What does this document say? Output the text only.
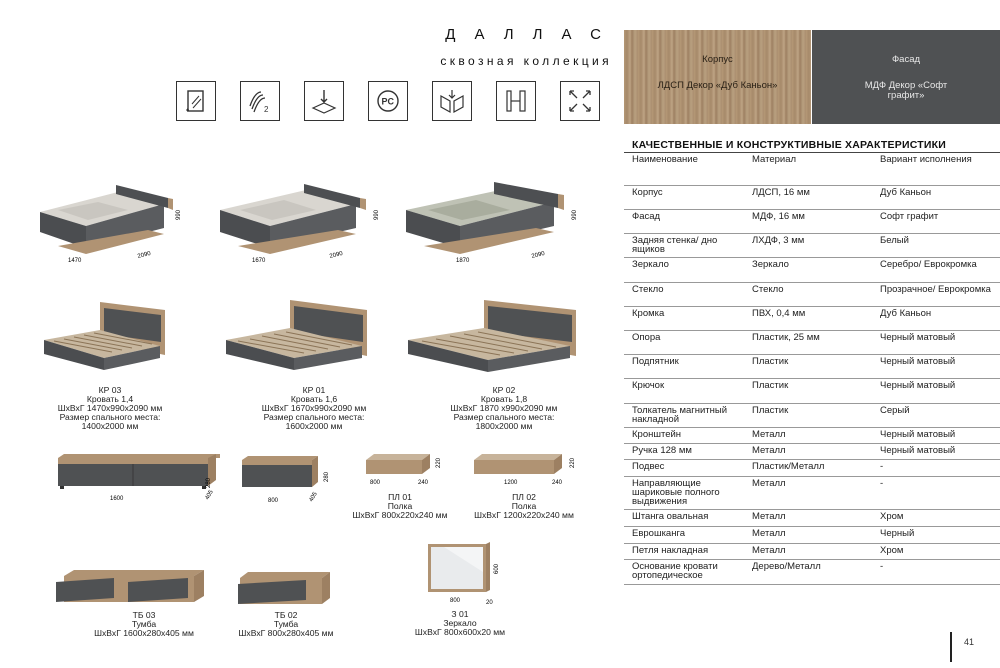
ДАЛЛАС
сквозная коллекция
2
PC
Корпус
ЛДСП Декор «Дуб Каньон»
Фасад
МДФ Декор «Софт графит»
КАЧЕСТВЕННЫЕ И КОНСТРУКТИВНЫЕ ХАРАКТЕРИСТИКИ
Наименование	Материал	Вариант исполнения
Корпус	ЛДСП, 16 мм	Дуб Каньон
Фасад	МДФ, 16 мм	Софт графит
Задняя стенка/ дно ящиков	ЛХДФ, 3 мм	Белый
Зеркало	Зеркало	Серебро/ Еврокромка
Стекло	Стекло	Прозрачное/ Еврокромка
Кромка	ПВХ, 0,4 мм	Дуб Каньон
Опора	Пластик, 25 мм	Черный матовый
Подпятник	Пластик	Черный матовый
Крючок	Пластик	Черный матовый
Толкатель магнитный накладной	Пластик	Серый
Кронштейн	Металл	Черный матовый
Ручка 128 мм	Металл	Черный матовый
Подвес	Пластик/Металл	-
Направляющие шариковые полного выдвижения	Металл	-
Штанга овальная	Металл	Хром
Еврошканга	Металл	Черный
Петля накладная	Металл	Хром
Основание кровати ортопедическое	Дерево/Металл	-
1470
2090
990
1670
2090
990
1870
2090
990
КР 03
Кровать 1,4
ШхВхГ 1470х990х2090 мм
Размер спального места:
1400х2000 мм
КР 01
Кровать 1,6
ШхВхГ 1670х990х2090 мм
Размер спального места:
1600х2000 мм
КР 02
Кровать 1,8
ШхВхГ 1870 х990х2090 мм
Размер спального места:
1800х2000 мм
1600	405
280
800	405
280
800	240
220
1200	240
220
ПЛ 01
Полка
ШхВхГ 800х220х240 мм
ПЛ 02
Полка
ШхВхГ 1200х220х240 мм
ТБ 03
Тумба
ШхВхГ 1600х280х405 мм
ТБ 02
Тумба
ШхВхГ 800х280х405 мм
800	20
600
З 01
Зеркало
ШхВхГ 800х600х20 мм
41
